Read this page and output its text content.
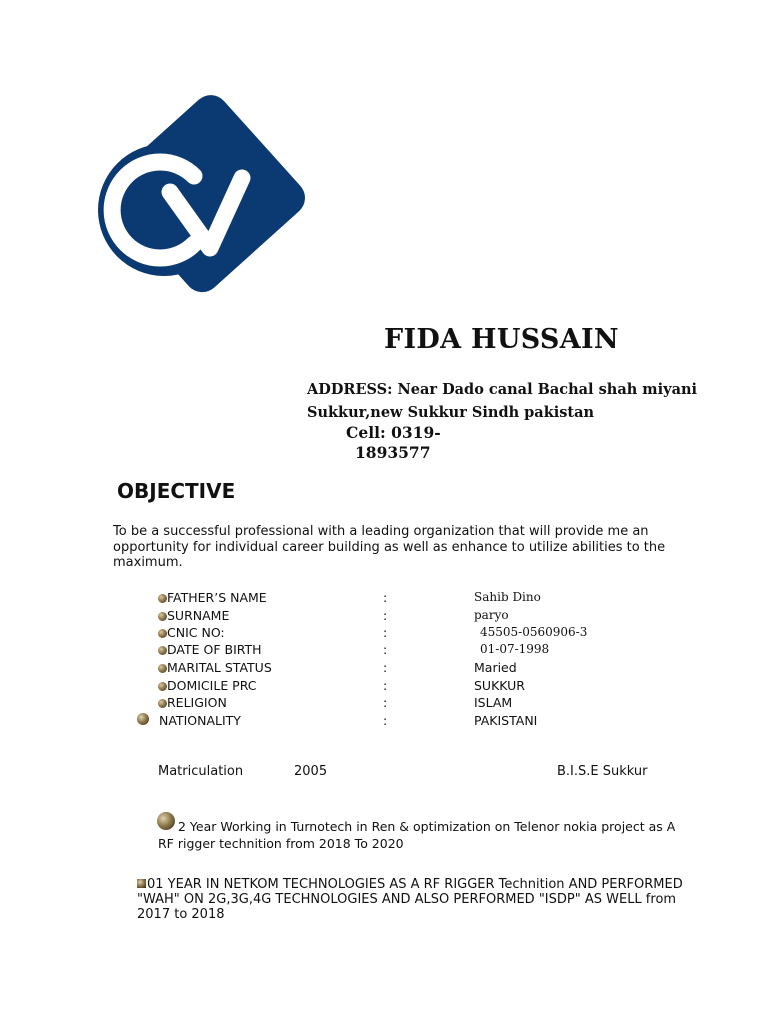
FIDA HUSSAIN
ADDRESS: Near Dado canal Bachal shah miyani
Sukkur,new Sukkur Sindh pakistan
Cell: 0319-
1893577
OBJECTIVE
To be a successful professional with a leading organization that will provide me an opportunity for individual career building as well as enhance to utilize abilities to the maximum.
FATHER’S NAME	:	Sahib Dino
SURNAME	:	paryo
CNIC NO:	:	45505-0560906-3
DATE OF BIRTH	:	01-07-1998
MARITAL STATUS	:	Maried
DOMICILE PRC	:	SUKKUR
RELIGION	:	ISLAM
NATIONALITY	:	PAKISTANI
Matriculation	2005	B.I.S.E Sukkur
2 Year Working in Turnotech in Ren & optimization on Telenor nokia project as A RF rigger technition from 2018 To 2020
01 YEAR IN NETKOM TECHNOLOGIES AS A RF RIGGER Technition AND PERFORMED "WAH" ON 2G,3G,4G TECHNOLOGIES AND ALSO PERFORMED "ISDP" AS WELL from 2017 to 2018
